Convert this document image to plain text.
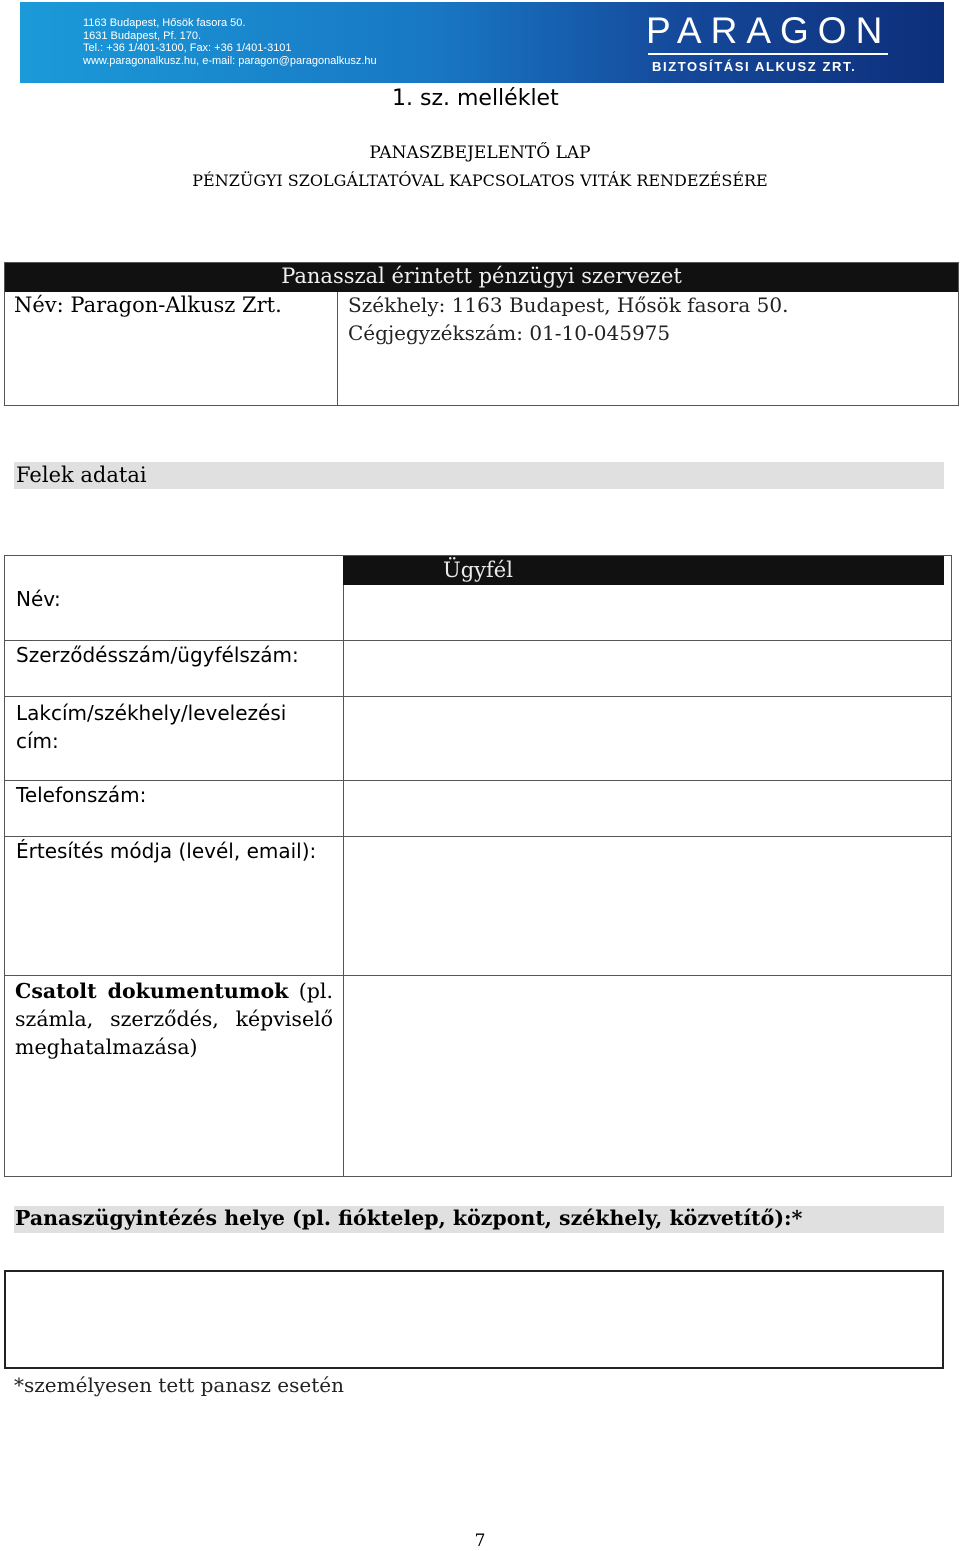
1163 Budapest, Hősök fasora 50.
1631 Budapest, Pf. 170.
Tel.: +36 1/401-3100, Fax: +36 1/401-3101
www.paragonalkusz.hu, e-mail: paragon@paragonalkusz.hu
PARAGON
BIZTOSÍTÁSI ALKUSZ ZRT.
1. sz. melléklet
PANASZBEJELENTŐ LAP
PÉNZÜGYI SZOLGÁLTATÓVAL KAPCSOLATOS VITÁK RENDEZÉSÉRE
Panasszal érintett pénzügyi szervezet
Név: Paragon-Alkusz Zrt.	Székhely: 1163 Budapest, Hősök fasora 50.
Cégjegyzékszám: 01-10-045975
Felek adatai
Ügyfél
Név:
Szerződésszám/ügyfélszám:
Lakcím/székhely/levelezési cím:
Telefonszám:
Értesítés módja (levél, email):
Csatolt dokumentumok (pl. számla, szerződés, képviselő meghatalmazása)
Panaszügyintézés helye (pl. fióktelep, központ, székhely, közvetítő):*
*személyesen tett panasz esetén
7
